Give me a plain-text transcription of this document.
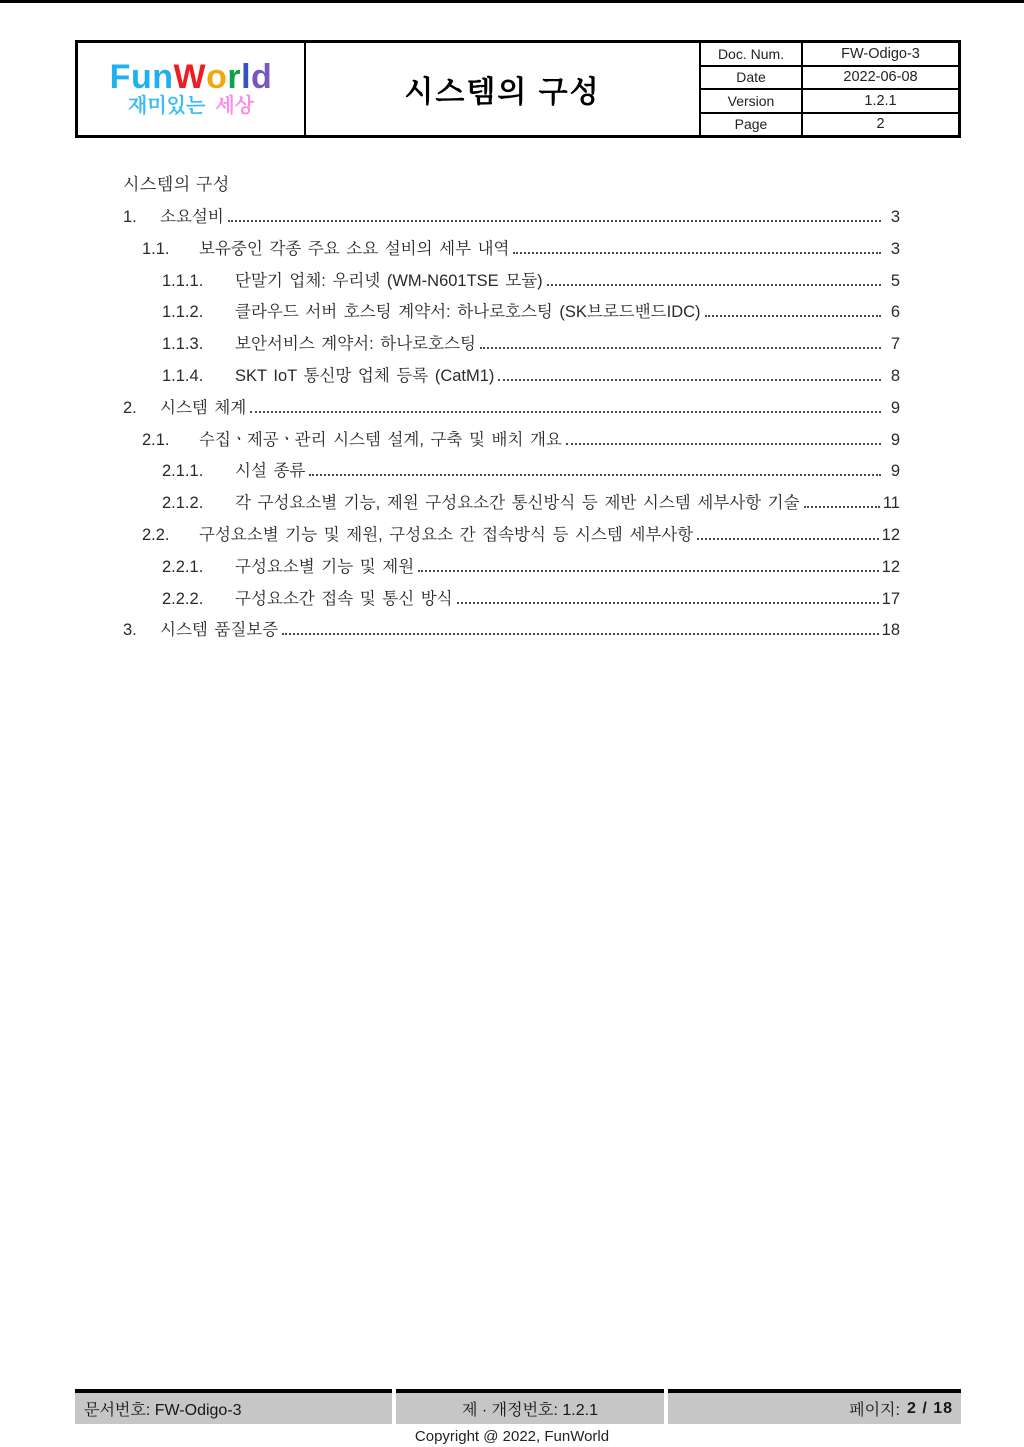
Fun W o r l d
재미있는 세상	시스템의 구성
Doc. Num.	FW-Odigo-3
Date	2022-06-08
Version	1.2.1
Page	2
시스템의 구성
1.	소요설비	3
1.1.	보유중인 각종 주요 소요 설비의 세부 내역	3
1.1.1.	단말기 업체: 우리넷 (WM-N601TSE 모듈)	5
1.1.2.	클라우드 서버 호스팅 계약서: 하나로호스팅 (SK브로드밴드IDC)	6
1.1.3.	보안서비스 계약서: 하나로호스팅	7
1.1.4.	SKT IoT 통신망 업체 등록 (CatM1)	8
2.	시스템 체계	9
2.1.	수집ㆍ제공ㆍ관리 시스템 설계, 구축 및 배치 개요	9
2.1.1.	시설 종류	9
2.1.2.	각 구성요소별 기능, 제원 구성요소간 통신방식 등 제반 시스템 세부사항 기술	11
2.2.	구성요소별 기능 및 제원, 구성요소 간 접속방식 등 시스템 세부사항	12
2.2.1.	구성요소별 기능 및 제원	12
2.2.2.	구성요소간 접속 및 통신 방식	17
3.	시스템 품질보증	18
문서번호: FW-Odigo-3	제 · 개정번호: 1.2.1	페이지: 2 / 18
Copyright @ 2022, FunWorld
